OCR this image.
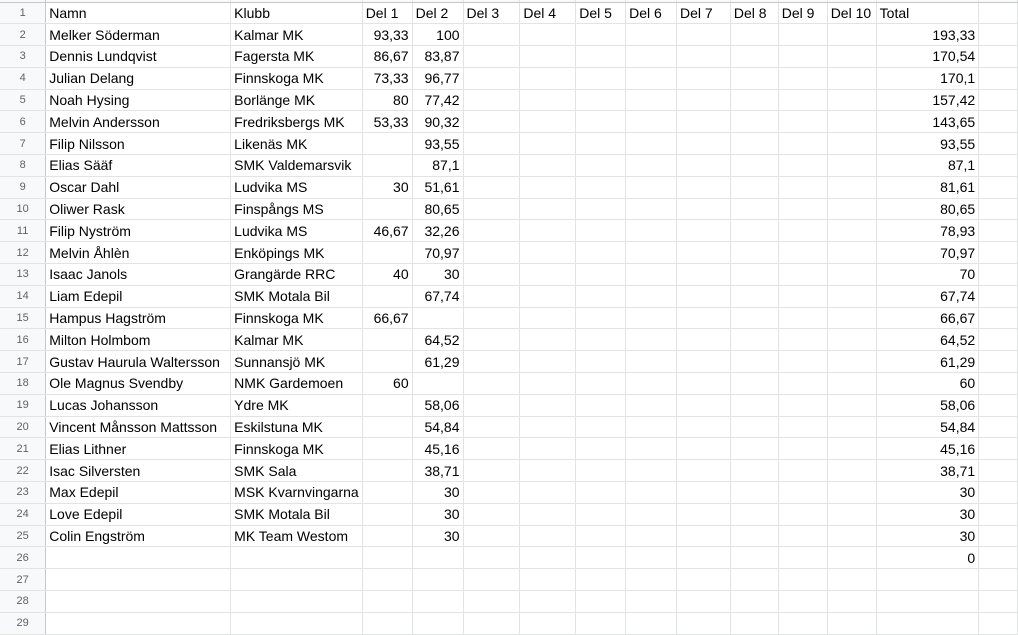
1	Namn	Klubb	Del 1	Del 2	Del 3	Del 4	Del 5	Del 6	Del 7	Del 8	Del 9	Del 10	Total	
2	Melker Söderman	Kalmar MK	93,33	100									193,33	
3	Dennis Lundqvist	Fagersta MK	86,67	83,87									170,54	
4	Julian Delang	Finnskoga MK	73,33	96,77									170,1	
5	Noah Hysing	Borlänge MK	80	77,42									157,42	
6	Melvin Andersson	Fredriksbergs MK	53,33	90,32									143,65	
7	Filip Nilsson	Likenäs MK		93,55									93,55	
8	Elias Sääf	SMK Valdemarsvik		87,1									87,1	
9	Oscar Dahl	Ludvika MS	30	51,61									81,61	
10	Oliwer Rask	Finspångs MS		80,65									80,65	
11	Filip Nyström	Ludvika MS	46,67	32,26									78,93	
12	Melvin Åhlèn	Enköpings MK		70,97									70,97	
13	Isaac Janols	Grangärde RRC	40	30									70	
14	Liam Edepil	SMK Motala Bil		67,74									67,74	
15	Hampus Hagström	Finnskoga MK	66,67										66,67	
16	Milton Holmbom	Kalmar MK		64,52									64,52	
17	Gustav Haurula Waltersson	Sunnansjö MK		61,29									61,29	
18	Ole Magnus Svendby	NMK Gardemoen	60										60	
19	Lucas Johansson	Ydre MK		58,06									58,06	
20	Vincent Månsson Mattsson	Eskilstuna MK		54,84									54,84	
21	Elias Lithner	Finnskoga MK		45,16									45,16	
22	Isac Silversten	SMK Sala		38,71									38,71	
23	Max Edepil	MSK Kvarnvingarna		30									30	
24	Love Edepil	SMK Motala Bil		30									30	
25	Colin Engström	MK Team Westom		30									30	
26													0	
27														
28														
29														
